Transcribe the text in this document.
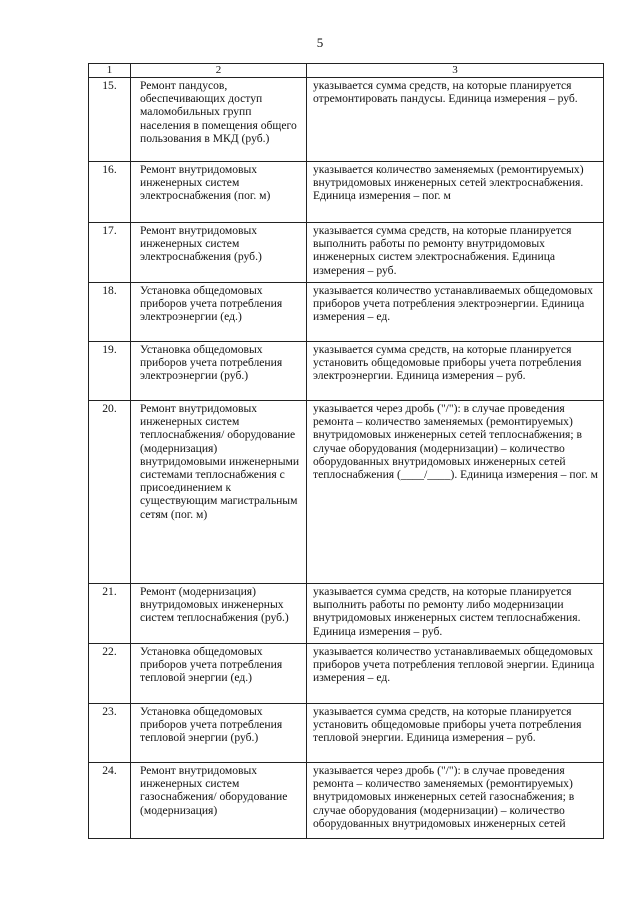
5
1	2	3
15.	Ремонт пандусов, обеспечивающих доступ маломобильных групп населения в помещения общего пользования в МКД (руб.)	указывается сумма средств, на которые планируется отремонтировать пандусы. Единица измерения – руб.
16.	Ремонт внутридомовых инженерных систем электроснабжения (пог. м)	указывается количество заменяемых (ремонтируемых) внутридомовых инженерных сетей электроснабжения. Единица измерения – пог. м
17.	Ремонт внутридомовых инженерных систем электроснабжения (руб.)	указывается сумма средств, на которые планируется выполнить работы по ремонту внутридомовых инженерных систем электроснабжения. Единица измерения – руб.
18.	Установка общедомовых приборов учета потребления электроэнергии (ед.)	указывается количество устанавливаемых общедомовых приборов учета потребления электроэнергии. Единица измерения – ед.
19.	Установка общедомовых приборов учета потребления электроэнергии (руб.)	указывается сумма средств, на которые планируется установить общедомовые приборы учета потребления электроэнергии. Единица измерения – руб.
20.	Ремонт внутридомовых инженерных систем теплоснабжения/ оборудование (модернизация) внутридомовыми инженерными системами теплоснабжения с присоединением к существующим магистральным сетям (пог. м)	указывается через дробь ("/"): в случае проведения ремонта – количество заменяемых (ремонтируемых) внутридомовых инженерных сетей теплоснабжения; в случае оборудования (модернизации) – количество оборудованных внутридомовых инженерных сетей теплоснабжения (____/____). Единица измерения – пог. м
21.	Ремонт (модернизация) внутридомовых инженерных систем теплоснабжения (руб.)	указывается сумма средств, на которые планируется выполнить работы по ремонту либо модернизации внутридомовых инженерных систем теплоснабжения. Единица измерения – руб.
22.	Установка общедомовых приборов учета потребления тепловой энергии (ед.)	указывается количество устанавливаемых общедомовых приборов учета потребления тепловой энергии. Единица измерения – ед.
23.	Установка общедомовых приборов учета потребления тепловой энергии (руб.)	указывается сумма средств, на которые планируется установить общедомовые приборы учета потребления тепловой энергии. Единица измерения – руб.
24.	Ремонт внутридомовых инженерных систем газоснабжения/ оборудование (модернизация)	указывается через дробь ("/"): в случае проведения ремонта – количество заменяемых (ремонтируемых) внутридомовых инженерных сетей газоснабжения; в случае оборудования (модернизации) – количество оборудованных внутридомовых инженерных сетей
